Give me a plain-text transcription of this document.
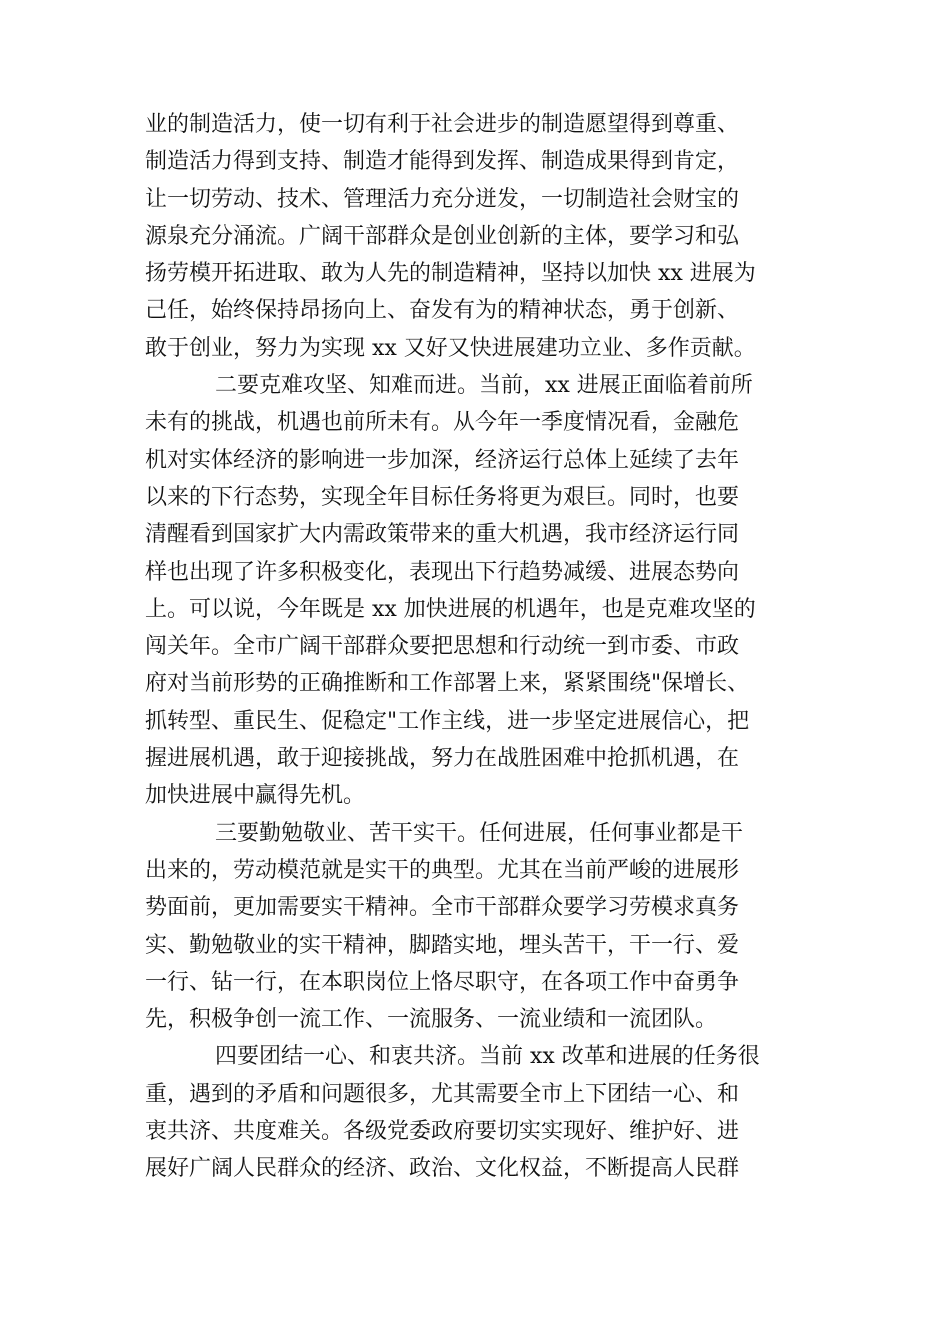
业的制造活力，使一切有利于社会进步的制造愿望得到尊重、
制造活力得到支持、制造才能得到发挥、制造成果得到肯定，
让一切劳动、技术、管理活力充分迸发，一切制造社会财宝的
源泉充分涌流。广阔干部群众是创业创新的主体，要学习和弘
扬劳模开拓进取、敢为人先的制造精神，坚持以加快 xx 进展为
己任，始终保持昂扬向上、奋发有为的精神状态，勇于创新、
敢于创业，努力为实现 xx 又好又快进展建功立业、多作贡献。
二要克难攻坚、知难而进。当前，xx 进展正面临着前所
未有的挑战，机遇也前所未有。从今年一季度情况看，金融危
机对实体经济的影响进一步加深，经济运行总体上延续了去年
以来的下行态势，实现全年目标任务将更为艰巨。同时，也要
清醒看到国家扩大内需政策带来的重大机遇，我市经济运行同
样也出现了许多积极变化，表现出下行趋势减缓、进展态势向
上。可以说，今年既是 xx 加快进展的机遇年，也是克难攻坚的
闯关年。全市广阔干部群众要把思想和行动统一到市委、市政
府对当前形势的正确推断和工作部署上来，紧紧围绕"保增长、
抓转型、重民生、促稳定"工作主线，进一步坚定进展信心，把
握进展机遇，敢于迎接挑战，努力在战胜困难中抢抓机遇，在
加快进展中赢得先机。
三要勤勉敬业、苦干实干。任何进展，任何事业都是干
出来的，劳动模范就是实干的典型。尤其在当前严峻的进展形
势面前，更加需要实干精神。全市干部群众要学习劳模求真务
实、勤勉敬业的实干精神，脚踏实地，埋头苦干，干一行、爱
一行、钻一行，在本职岗位上恪尽职守，在各项工作中奋勇争
先，积极争创一流工作、一流服务、一流业绩和一流团队。
四要团结一心、和衷共济。当前 xx 改革和进展的任务很
重，遇到的矛盾和问题很多，尤其需要全市上下团结一心、和
衷共济、共度难关。各级党委政府要切实实现好、维护好、进
展好广阔人民群众的经济、政治、文化权益，不断提高人民群
